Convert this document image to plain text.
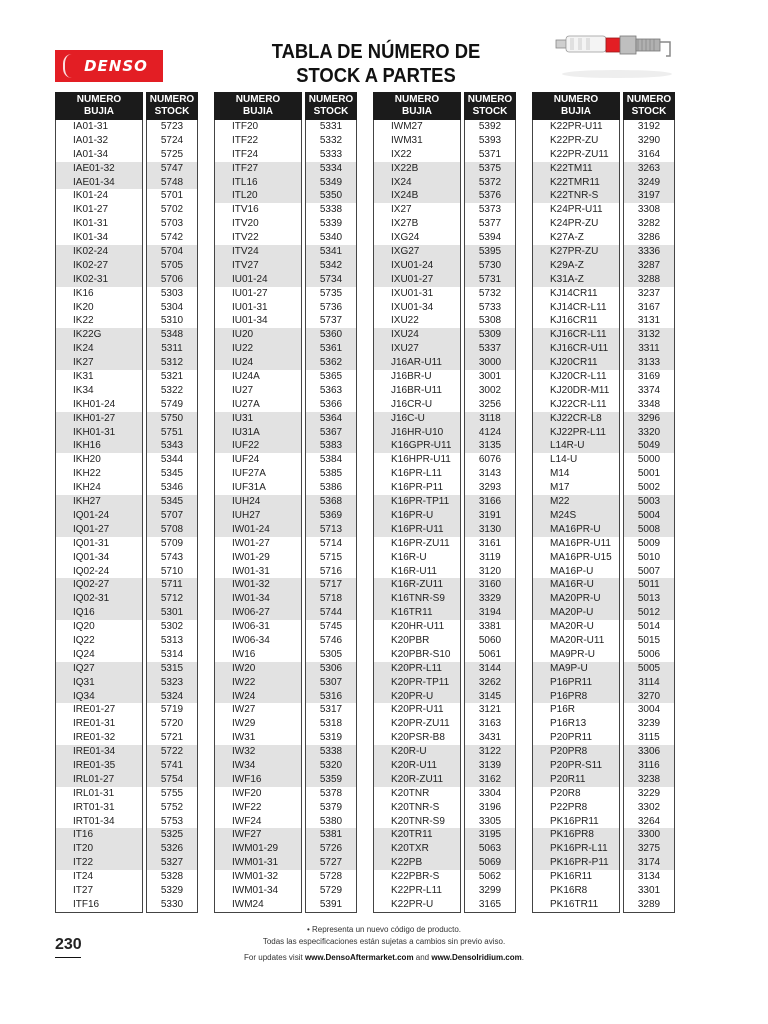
DENSO
TABLA DE NÚMERO DE
STOCK A PARTES
NUMERO
BUJIA
NUMERO
STOCK
IA01-31
IA01-32
IA01-34
IAE01-32
IAE01-34
IK01-24
IK01-27
IK01-31
IK01-34
IK02-24
IK02-27
IK02-31
IK16
IK20
IK22
IK22G
IK24
IK27
IK31
IK34
IKH01-24
IKH01-27
IKH01-31
IKH16
IKH20
IKH22
IKH24
IKH27
IQ01-24
IQ01-27
IQ01-31
IQ01-34
IQ02-24
IQ02-27
IQ02-31
IQ16
IQ20
IQ22
IQ24
IQ27
IQ31
IQ34
IRE01-27
IRE01-31
IRE01-32
IRE01-34
IRE01-35
IRL01-27
IRL01-31
IRT01-31
IRT01-34
IT16
IT20
IT22
IT24
IT27
ITF16
5723
5724
5725
5747
5748
5701
5702
5703
5742
5704
5705
5706
5303
5304
5310
5348
5311
5312
5321
5322
5749
5750
5751
5343
5344
5345
5346
5345
5707
5708
5709
5743
5710
5711
5712
5301
5302
5313
5314
5315
5323
5324
5719
5720
5721
5722
5741
5754
5755
5752
5753
5325
5326
5327
5328
5329
5330
NUMERO
BUJIA
NUMERO
STOCK
ITF20
ITF22
ITF24
ITF27
ITL16
ITL20
ITV16
ITV20
ITV22
ITV24
ITV27
IU01-24
IU01-27
IU01-31
IU01-34
IU20
IU22
IU24
IU24A
IU27
IU27A
IU31
IU31A
IUF22
IUF24
IUF27A
IUF31A
IUH24
IUH27
IW01-24
IW01-27
IW01-29
IW01-31
IW01-32
IW01-34
IW06-27
IW06-31
IW06-34
IW16
IW20
IW22
IW24
IW27
IW29
IW31
IW32
IW34
IWF16
IWF20
IWF22
IWF24
IWF27
IWM01-29
IWM01-31
IWM01-32
IWM01-34
IWM24
5331
5332
5333
5334
5349
5350
5338
5339
5340
5341
5342
5734
5735
5736
5737
5360
5361
5362
5365
5363
5366
5364
5367
5383
5384
5385
5386
5368
5369
5713
5714
5715
5716
5717
5718
5744
5745
5746
5305
5306
5307
5316
5317
5318
5319
5338
5320
5359
5378
5379
5380
5381
5726
5727
5728
5729
5391
NUMERO
BUJIA
NUMERO
STOCK
IWM27
IWM31
IX22
IX22B
IX24
IX24B
IX27
IX27B
IXG24
IXG27
IXU01-24
IXU01-27
IXU01-31
IXU01-34
IXU22
IXU24
IXU27
J16AR-U11
J16BR-U
J16BR-U11
J16CR-U
J16C-U
J16HR-U10
K16GPR-U11
K16HPR-U11
K16PR-L11
K16PR-P11
K16PR-TP11
K16PR-U
K16PR-U11
K16PR-ZU11
K16R-U
K16R-U11
K16R-ZU11
K16TNR-S9
K16TR11
K20HR-U11
K20PBR
K20PBR-S10
K20PR-L11
K20PR-TP11
K20PR-U
K20PR-U11
K20PR-ZU11
K20PSR-B8
K20R-U
K20R-U11
K20R-ZU11
K20TNR
K20TNR-S
K20TNR-S9
K20TR11
K20TXR
K22PB
K22PBR-S
K22PR-L11
K22PR-U
5392
5393
5371
5375
5372
5376
5373
5377
5394
5395
5730
5731
5732
5733
5308
5309
5337
3000
3001
3002
3256
3118
4124
3135
6076
3143
3293
3166
3191
3130
3161
3119
3120
3160
3329
3194
3381
5060
5061
3144
3262
3145
3121
3163
3431
3122
3139
3162
3304
3196
3305
3195
5063
5069
5062
3299
3165
NUMERO
BUJIA
NUMERO
STOCK
K22PR-U11
K22PR-ZU
K22PR-ZU11
K22TM11
K22TMR11
K22TNR-S
K24PR-U11
K24PR-ZU
K27A-Z
K27PR-ZU
K29A-Z
K31A-Z
KJ14CR11
KJ14CR-L11
KJ16CR11
KJ16CR-L11
KJ16CR-U11
KJ20CR11
KJ20CR-L11
KJ20DR-M11
KJ22CR-L11
KJ22CR-L8
KJ22PR-L11
L14R-U
L14-U
M14
M17
M22
M24S
MA16PR-U
MA16PR-U11
MA16PR-U15
MA16P-U
MA16R-U
MA20PR-U
MA20P-U
MA20R-U
MA20R-U11
MA9PR-U
MA9P-U
P16PR11
P16PR8
P16R
P16R13
P20PR11
P20PR8
P20PR-S11
P20R11
P20R8
P22PR8
PK16PR11
PK16PR8
PK16PR-L11
PK16PR-P11
PK16R11
PK16R8
PK16TR11
3192
3290
3164
3263
3249
3197
3308
3282
3286
3336
3287
3288
3237
3167
3131
3132
3311
3133
3169
3374
3348
3296
3320
5049
5000
5001
5002
5003
5004
5008
5009
5010
5007
5011
5013
5012
5014
5015
5006
5005
3114
3270
3004
3239
3115
3306
3116
3238
3229
3302
3264
3300
3275
3174
3134
3301
3289

• Representa un nuevo código de producto.

Todas las especificaciones están sujetas a cambios sin previo aviso.

For updates visit www.DensoAftermarket.com and www.DensoIridium.com.

230
